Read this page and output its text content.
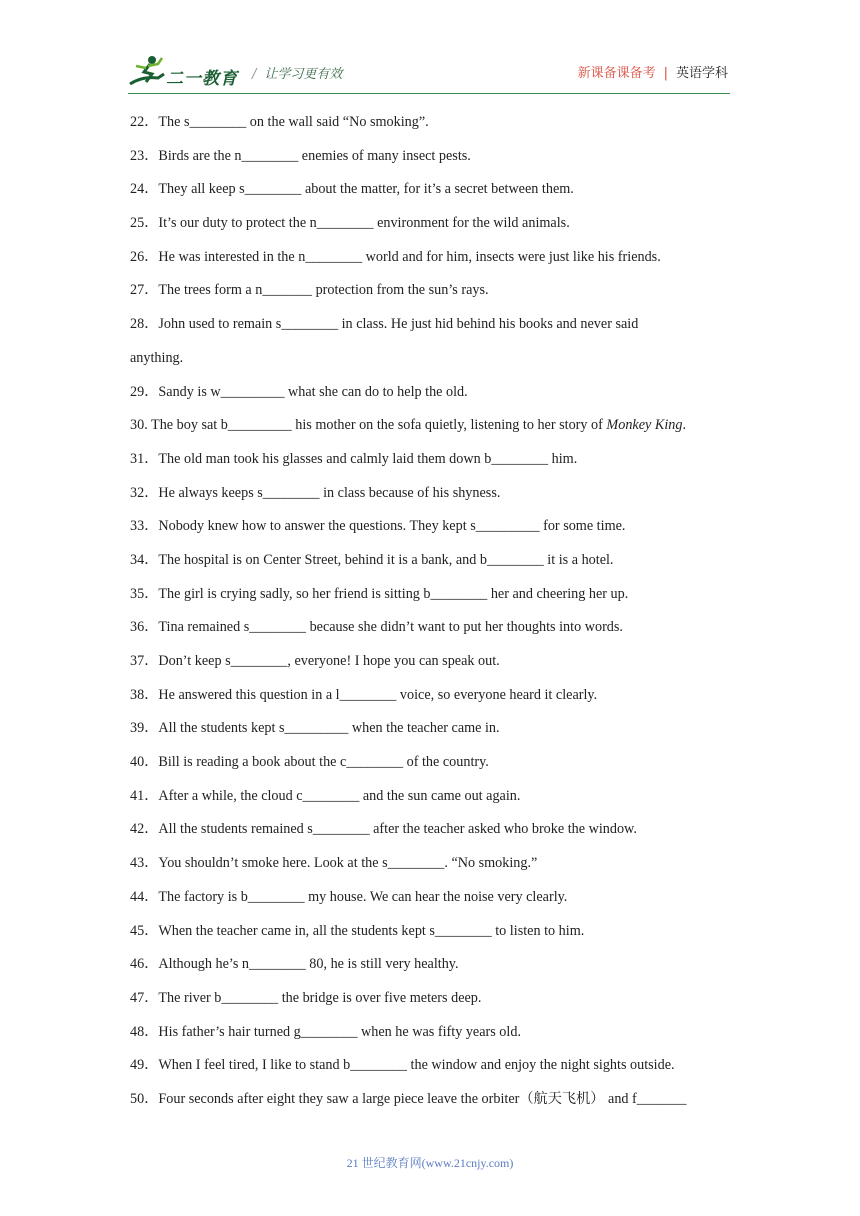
二一教育 / 让学习更有效	新课备课备考 | 英语学科
22．The s________ on the wall said “No smoking”.
23．Birds are the n________ enemies of many insect pests.
24．They all keep s________ about the matter, for it’s a secret between them.
25．It’s our duty to protect the n________ environment for the wild animals.
26．He was interested in the n________ world and for him, insects were just like his friends.
27．The trees form a n_______ protection from the sun’s rays.
28．John used to remain s________ in class. He just hid behind his books and never said
anything.
29．Sandy is w_________ what she can do to help the old.
30. The boy sat b_________ his mother on the sofa quietly, listening to her story of Monkey King.
31．The old man took his glasses and calmly laid them down b________ him.
32．He always keeps s________ in class because of his shyness.
33．Nobody knew how to answer the questions. They kept s_________ for some time.
34．The hospital is on Center Street, behind it is a bank, and b________ it is a hotel.
35．The girl is crying sadly, so her friend is sitting b________ her and cheering her up.
36．Tina remained s________ because she didn’t want to put her thoughts into words.
37．Don’t keep s________, everyone! I hope you can speak out.
38．He answered this question in a l________ voice, so everyone heard it clearly.
39．All the students kept s_________ when the teacher came in.
40．Bill is reading a book about the c________ of the country.
41．After a while, the cloud c________ and the sun came out again.
42．All the students remained s________ after the teacher asked who broke the window.
43．You shouldn’t smoke here. Look at the s________. “No smoking.”
44．The factory is b________ my house. We can hear the noise very clearly.
45．When the teacher came in, all the students kept s________ to listen to him.
46．Although he’s n________ 80, he is still very healthy.
47．The river b________ the bridge is over five meters deep.
48．His father’s hair turned g________ when he was fifty years old.
49．When I feel tired, I like to stand b________ the window and enjoy the night sights outside.
50．Four seconds after eight they saw a large piece leave the orbiter（航天飞机） and f_______
21 世纪教育网(www.21cnjy.com)
